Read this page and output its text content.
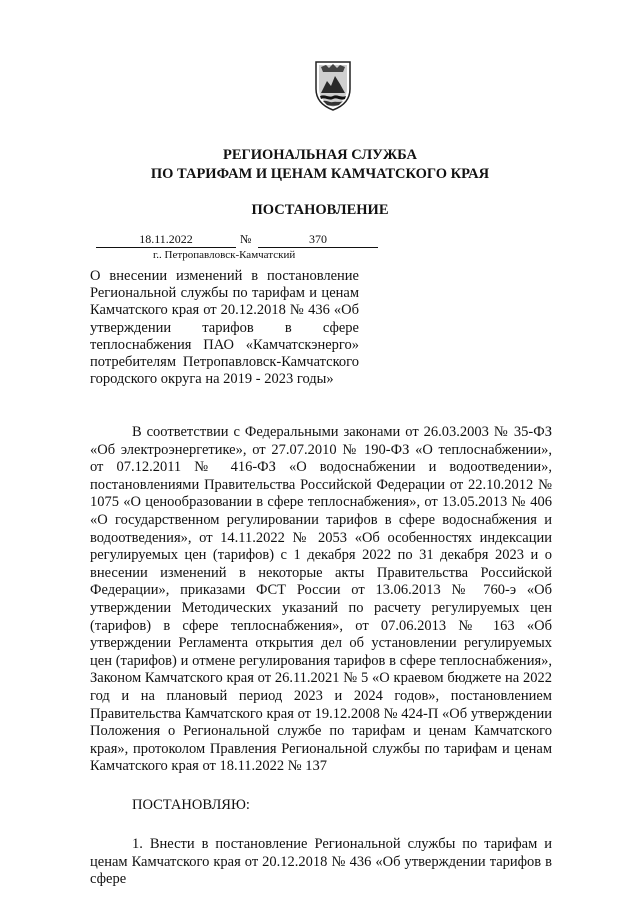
РЕГИОНАЛЬНАЯ СЛУЖБА
ПО ТАРИФАМ И ЦЕНАМ КАМЧАТСКОГО КРАЯ
ПОСТАНОВЛЕНИЕ
18.11.2022	№	370
г.. Петропавловск-Камчатский
О внесении изменений в постановление Региональной службы по тарифам и ценам Камчатского края от 20.12.2018 № 436 «Об утверждении тарифов в сфере теплоснабжения ПАО «Камчатскэнерго» потребителям Петропавловск-Камчатского городского округа на 2019 - 2023 годы»
В соответствии с Федеральными законами от 26.03.2003 № 35-ФЗ «Об электроэнергетике», от 27.07.2010 № 190-ФЗ «О теплоснабжении», от 07.12.2011 № 416-ФЗ «О водоснабжении и водоотведении», постановлениями Правительства Российской Федерации от 22.10.2012 № 1075 «О ценообразовании в сфере теплоснабжения», от 13.05.2013 № 406 «О государственном регулировании тарифов в сфере водоснабжения и водоотведения», от 14.11.2022 № 2053 «Об особенностях индексации регулируемых цен (тарифов) с 1 декабря 2022 по 31 декабря 2023 и о внесении изменений в некоторые акты Правительства Российской Федерации», приказами ФСТ России от 13.06.2013 № 760-э «Об утверждении Методических указаний по расчету регулируемых цен (тарифов) в сфере теплоснабжения», от 07.06.2013 № 163 «Об утверждении Регламента открытия дел об установлении регулируемых цен (тарифов) и отмене регулирования тарифов в сфере теплоснабжения», Законом Камчатского края от 26.11.2021 № 5 «О краевом бюджете на 2022 год и на плановый период 2023 и 2024 годов», постановлением Правительства Камчатского края от 19.12.2008 № 424-П «Об утверждении Положения о Региональной службе по тарифам и ценам Камчатского края», протоколом Правления Региональной службы по тарифам и ценам Камчатского края от 18.11.2022 № 137
ПОСТАНОВЛЯЮ:
1. Внести в постановление Региональной службы по тарифам и ценам Камчатского края от 20.12.2018 № 436 «Об утверждении тарифов в сфере
